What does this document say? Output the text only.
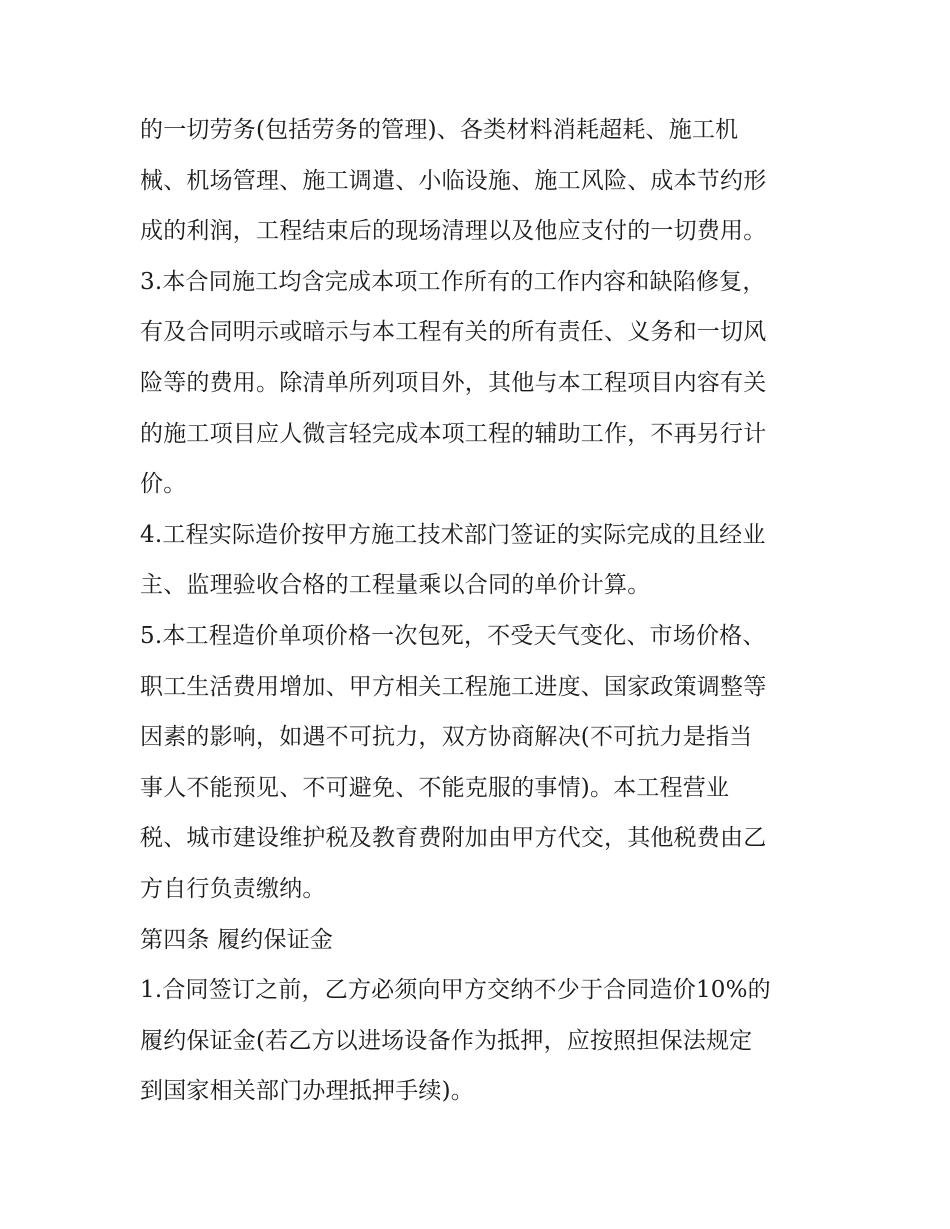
的一切劳务(包括劳务的管理)、各类材料消耗超耗、施工机
械、机场管理、施工调遣、小临设施、施工风险、成本节约形
成的利润，工程结束后的现场清理以及他应支付的一切费用。
3.本合同施工均含完成本项工作所有的工作内容和缺陷修复，
有及合同明示或暗示与本工程有关的所有责任、义务和一切风
险等的费用。除清单所列项目外，其他与本工程项目内容有关
的施工项目应人微言轻完成本项工程的辅助工作，不再另行计
价。
4.工程实际造价按甲方施工技术部门签证的实际完成的且经业
主、监理验收合格的工程量乘以合同的单价计算。
5.本工程造价单项价格一次包死，不受天气变化、市场价格、
职工生活费用增加、甲方相关工程施工进度、国家政策调整等
因素的影响，如遇不可抗力，双方协商解决(不可抗力是指当
事人不能预见、不可避免、不能克服的事情)。本工程营业
税、城市建设维护税及教育费附加由甲方代交，其他税费由乙
方自行负责缴纳。
第四条 履约保证金
1.合同签订之前，乙方必须向甲方交纳不少于合同造价10%的
履约保证金(若乙方以进场设备作为抵押，应按照担保法规定
到国家相关部门办理抵押手续)。
